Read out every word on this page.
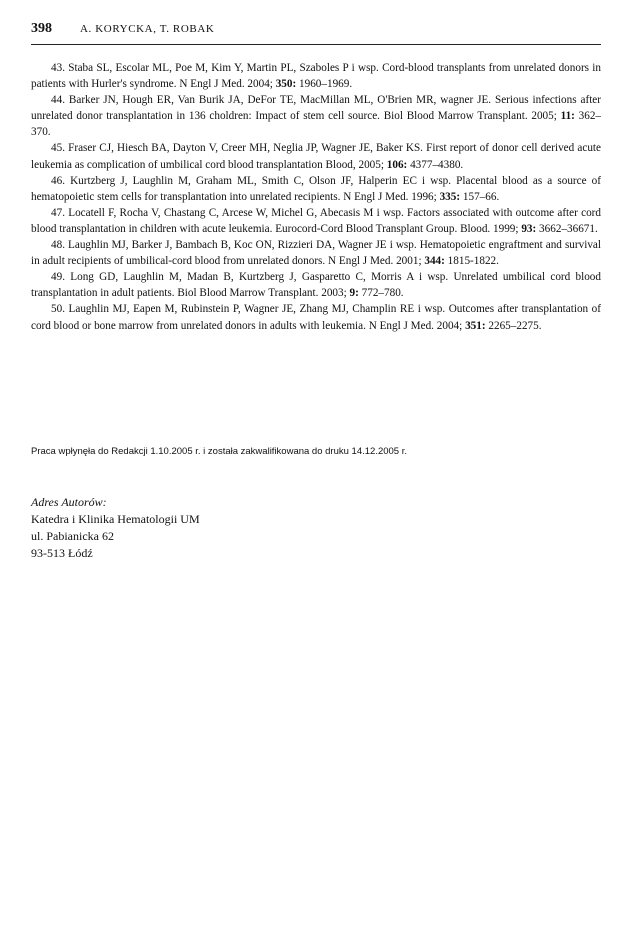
398	A. KORYCKA, T. ROBAK

43. Staba SL, Escolar ML, Poe M, Kim Y, Martin PL, Szaboles P i wsp. Cord-blood transplants from unrelated donors in patients with Hurler's syndrome. N Engl J Med. 2004; 350: 1960–1969.

44. Barker JN, Hough ER, Van Burik JA, DeFor TE, MacMillan ML, O'Brien MR, wagner JE. Serious infections after unrelated donor transplantation in 136 choldren: Impact of stem cell source. Biol Blood Marrow Transplant. 2005; 11: 362–370.

45. Fraser CJ, Hiesch BA, Dayton V, Creer MH, Neglia JP, Wagner JE, Baker KS. First report of donor cell derived acute leukemia as complication of umbilical cord blood transplantation Blood, 2005; 106: 4377–4380.

46. Kurtzberg J, Laughlin M, Graham ML, Smith C, Olson JF, Halperin EC i wsp. Placental blood as a source of hematopoietic stem cells for transplantation into unrelated recipients. N Engl J Med. 1996; 335: 157–66.

47. Locatell F, Rocha V, Chastang C, Arcese W, Michel G, Abecasis M i wsp. Factors associated with outcome after cord blood transplantation in children with acute leukemia. Eurocord-Cord Blood Transplant Group. Blood. 1999; 93: 3662–36671.

48. Laughlin MJ, Barker J, Bambach B, Koc ON, Rizzieri DA, Wagner JE i wsp. Hematopoietic engraftment and survival in adult recipients of umbilical-cord blood from unrelated donors. N Engl J Med. 2001; 344: 1815-1822.

49. Long GD, Laughlin M, Madan B, Kurtzberg J, Gasparetto C, Morris A i wsp. Unrelated umbilical cord blood transplantation in adult patients. Biol Blood Marrow Transplant. 2003; 9: 772–780.

50. Laughlin MJ, Eapen M, Rubinstein P, Wagner JE, Zhang MJ, Champlin RE i wsp. Outcomes after transplantation of cord blood or bone marrow from unrelated donors in adults with leukemia. N Engl J Med. 2004; 351: 2265–2275.

Praca wpłynęła do Redakcji 1.10.2005 r. i została zakwalifikowana do druku 14.12.2005 r.
Adres Autorów:
Katedra i Klinika Hematologii UM
ul. Pabianicka 62
93-513 Łódź
